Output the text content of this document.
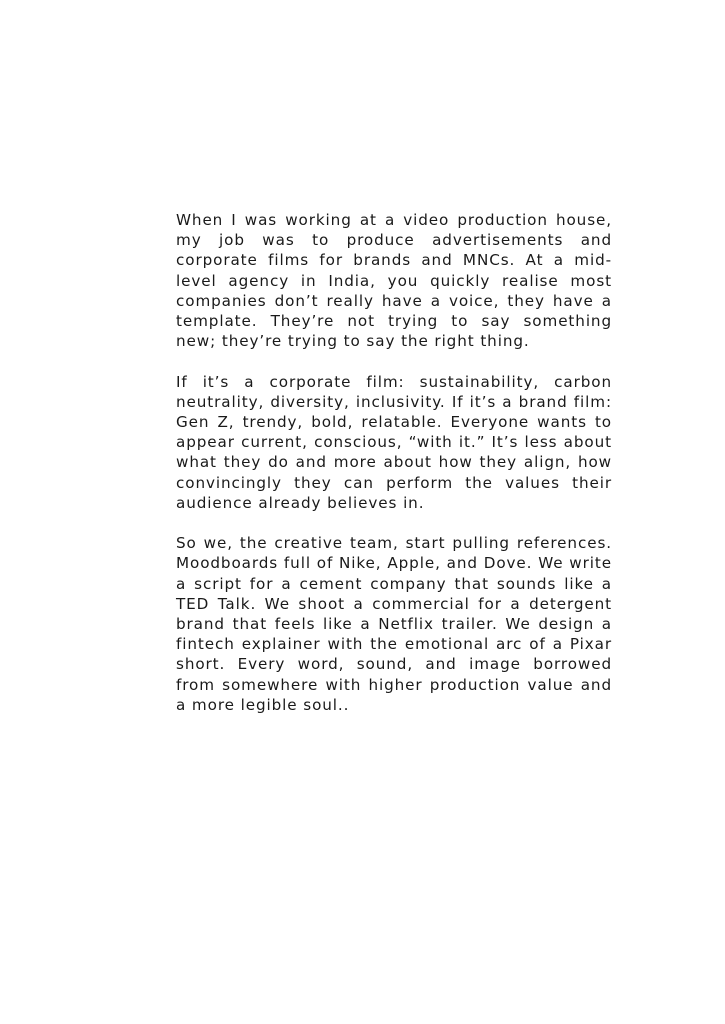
When I was working at a video production house, my job was to produce advertisements and corporate films for brands and MNCs. At a mid-level agency in India, you quickly realise most companies don’t really have a voice, they have a template. They’re not trying to say something new; they’re trying to say the right thing.

If it’s a corporate film: sustainability, carbon neutrality, diversity, inclusivity. If it’s a brand film: Gen Z, trendy, bold, relatable. Everyone wants to appear current, conscious, “with it.” It’s less about what they do and more about how they align, how convincingly they can perform the values their audience already believes in.

So we, the creative team, start pulling references. Moodboards full of Nike, Apple, and Dove. We write a script for a cement company that sounds like a TED Talk. We shoot a commercial for a detergent brand that feels like a Netflix trailer. We design a fintech explainer with the emotional arc of a Pixar short. Every word, sound, and image borrowed from somewhere with higher production value and a more legible soul..
